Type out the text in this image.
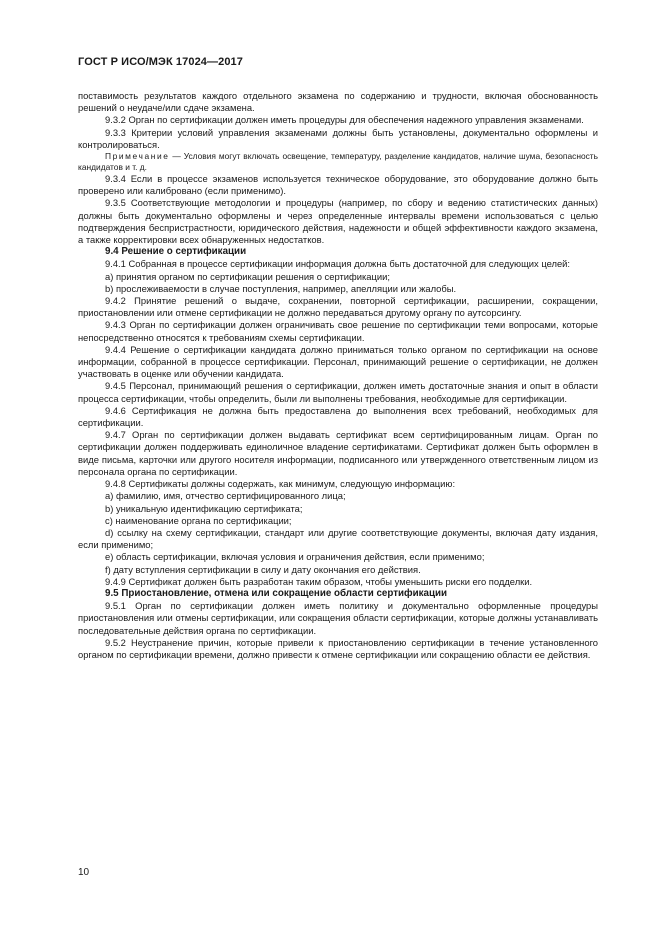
ГОСТ Р ИСО/МЭК 17024—2017

поставимость результатов каждого отдельного экзамена по содержанию и трудности, включая обоснованность решений о неудаче/или сдаче экзамена.

9.3.2 Орган по сертификации должен иметь процедуры для обеспечения надежного управления экзаменами.

9.3.3 Критерии условий управления экзаменами должны быть установлены, документально оформлены и контролироваться.

Примечание — Условия могут включать освещение, температуру, разделение кандидатов, наличие шума, безопасность кандидатов и т. д.

9.3.4 Если в процессе экзаменов используется техническое оборудование, это оборудование должно быть проверено или калибровано (если применимо).

9.3.5 Соответствующие методологии и процедуры (например, по сбору и ведению статистических данных) должны быть документально оформлены и через определенные интервалы времени использоваться с целью подтверждения беспристрастности, юридического действия, надежности и общей эффективности каждого экзамена, а также корректировки всех обнаруженных недостатков.

9.4 Решение о сертификации

9.4.1 Собранная в процессе сертификации информация должна быть достаточной для следующих целей:

a) принятия органом по сертификации решения о сертификации;

b) прослеживаемости в случае поступления, например, апелляции или жалобы.

9.4.2 Принятие решений о выдаче, сохранении, повторной сертификации, расширении, сокращении, приостановлении или отмене сертификации не должно передаваться другому органу по аутсорсингу.

9.4.3 Орган по сертификации должен ограничивать свое решение по сертификации теми вопросами, которые непосредственно относятся к требованиям схемы сертификации.

9.4.4 Решение о сертификации кандидата должно приниматься только органом по сертификации на основе информации, собранной в процессе сертификации. Персонал, принимающий решение о сертификации, не должен участвовать в оценке или обучении кандидата.

9.4.5 Персонал, принимающий решения о сертификации, должен иметь достаточные знания и опыт в области процесса сертификации, чтобы определить, были ли выполнены требования, необходимые для сертификации.

9.4.6 Сертификация не должна быть предоставлена до выполнения всех требований, необходимых для сертификации.

9.4.7 Орган по сертификации должен выдавать сертификат всем сертифицированным лицам. Орган по сертификации должен поддерживать единоличное владение сертификатами. Сертификат должен быть оформлен в виде письма, карточки или другого носителя информации, подписанного или утвержденного ответственным лицом из персонала органа по сертификации.

9.4.8 Сертификаты должны содержать, как минимум, следующую информацию:

a) фамилию, имя, отчество сертифицированного лица;

b) уникальную идентификацию сертификата;

c) наименование органа по сертификации;

d) ссылку на схему сертификации, стандарт или другие соответствующие документы, включая дату издания, если применимо;

e) область сертификации, включая условия и ограничения действия, если применимо;

f) дату вступления сертификации в силу и дату окончания его действия.

9.4.9 Сертификат должен быть разработан таким образом, чтобы уменьшить риски его подделки.

9.5 Приостановление, отмена или сокращение области сертификации

9.5.1 Орган по сертификации должен иметь политику и документально оформленные процедуры приостановления или отмены сертификации, или сокращения области сертификации, которые должны устанавливать последовательные действия органа по сертификации.

9.5.2 Неустранение причин, которые привели к приостановлению сертификации в течение установленного органом по сертификации времени, должно привести к отмене сертификации или сокращению области ее действия.

10
